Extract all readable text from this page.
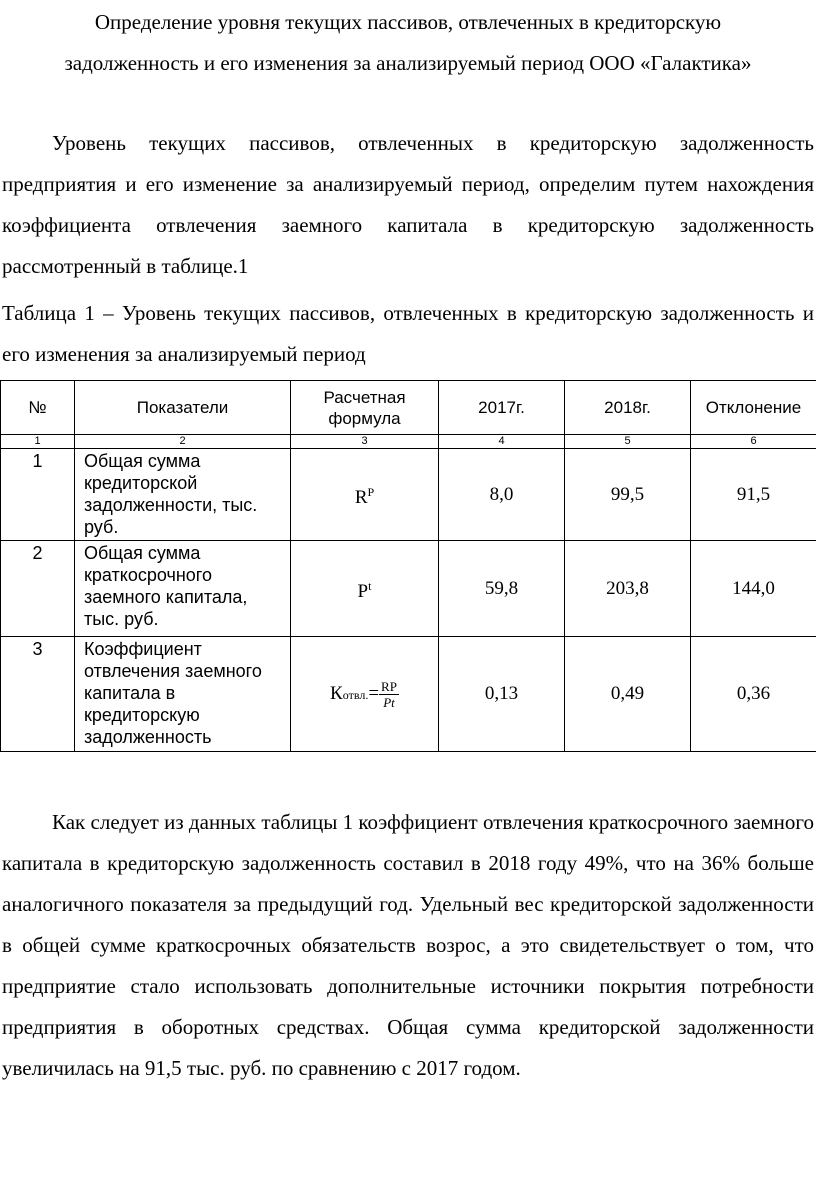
Определение уровня текущих пассивов, отвлеченных в кредиторскую
задолженность и его изменения за анализируемый период ООО «Галактика»
Уровень текущих пассивов, отвлеченных в кредиторскую задолженность предприятия и его изменение за анализируемый период, определим путем нахождения коэффициента отвлечения заемного капитала в кредиторскую задолженность рассмотренный в таблице.1
Таблица 1 – Уровень текущих пассивов, отвлеченных в кредиторскую задолженность и его изменения за анализируемый период
№	Показатели	Расчетная формула	2017г.	2018г.	Отклонение
1	2	3	4	5	6
1	Общая сумма кредиторской задолженности, тыс. руб.	$R^P$	8,0	99,5	91,5
2	Общая сумма краткосрочного заемного капитала, тыс. руб.	$P^t$	59,8	203,8	144,0
3	Коэффициент отвлечения заемного капитала в кредиторскую задолженность	Котвл.= $\frac{RP}{Pt}$	0,13	0,49	0,36
Как следует из данных таблицы 1 коэффициент отвлечения краткосрочного заемного капитала в кредиторскую задолженность составил в 2018 году 49%, что на 36% больше аналогичного показателя за предыдущий год. Удельный вес кредиторской задолженности в общей сумме краткосрочных обязательств возрос, а это свидетельствует о том, что предприятие стало использовать дополнительные источники покрытия потребности предприятия в оборотных средствах. Общая сумма кредиторской задолженности увеличилась на 91,5 тыс. руб. по сравнению с 2017 годом.
